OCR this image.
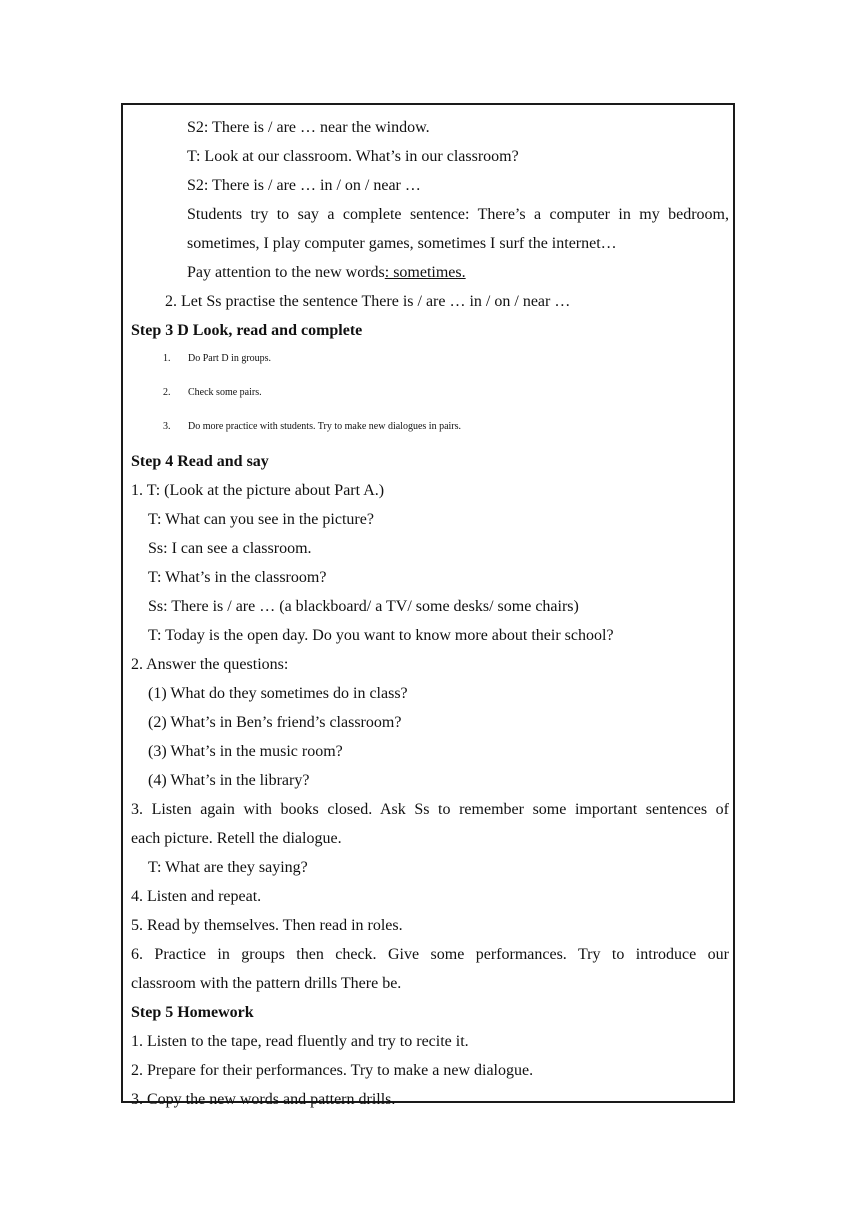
S2: There is / are … near the window.
T: Look at our classroom. What’s in our classroom?
S2: There is / are … in / on / near …
Students try to say a complete sentence: There’s a computer in my bedroom,
sometimes, I play computer games, sometimes I surf the internet…
Pay attention to the new words: sometimes.
2. Let Ss practise the sentence There is / are … in / on / near …
Step 3 D Look, read and complete
1. Do Part D in groups.
2. Check some pairs.
3. Do more practice with students. Try to make new dialogues in pairs.
Step 4 Read and say
1. T: (Look at the picture about Part A.)
T: What can you see in the picture?
Ss: I can see a classroom.
T: What’s in the classroom?
Ss: There is / are … (a blackboard/ a TV/ some desks/ some chairs)
T: Today is the open day. Do you want to know more about their school?
2. Answer the questions:
(1) What do they sometimes do in class?
(2) What’s in Ben’s friend’s classroom?
(3) What’s in the music room?
(4) What’s in the library?
3. Listen again with books closed. Ask Ss to remember some important sentences of
each picture. Retell the dialogue.
T: What are they saying?
4. Listen and repeat.
5. Read by themselves. Then read in roles.
6. Practice in groups then check. Give some performances. Try to introduce our
classroom with the pattern drills There be.
Step 5 Homework
1. Listen to the tape, read fluently and try to recite it.
2. Prepare for their performances. Try to make a new dialogue.
3. Copy the new words and pattern drills.
